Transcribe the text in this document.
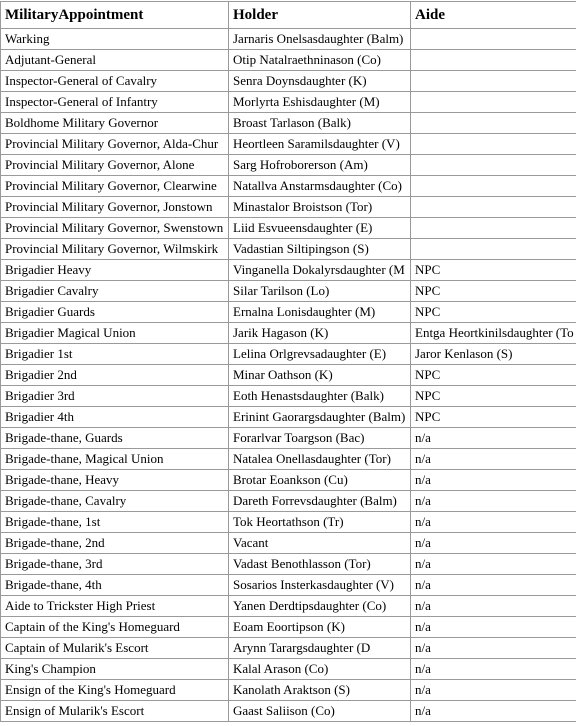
MilitaryAppointment	Holder	Aide
Warking	Jarnaris Onelsasdaughter (Balm)	
Adjutant-General	Otip Natalraethninason (Co)	
Inspector-General of Cavalry	Senra Doynsdaughter (K)	
Inspector-General of Infantry	Morlyrta Eshisdaughter (M)	
Boldhome Military Governor	Broast Tarlason (Balk)	
Provincial Military Governor, Alda-Chur	Heortleen Saramilsdaughter (V)	
Provincial Military Governor, Alone	Sarg Hofroborerson (Am)	
Provincial Military Governor, Clearwine	Natallva Anstarmsdaughter (Co)	
Provincial Military Governor, Jonstown	Minastalor Broistson (Tor)	
Provincial Military Governor, Swenstown	Liid Esvueensdaughter (E)	
Provincial Military Governor, Wilmskirk	Vadastian Siltipingson (S)	
Brigadier Heavy	Vinganella Dokalyrsdaughter (M	NPC
Brigadier Cavalry	Silar Tarilson (Lo)	NPC
Brigadier Guards	Ernalna Lonisdaughter (M)	NPC
Brigadier Magical Union	Jarik Hagason (K)	Entga Heortkinilsdaughter (To
Brigadier 1st	Lelina Orlgrevsadaughter (E)	Jaror Kenlason (S)
Brigadier 2nd	Minar Oathson (K)	NPC
Brigadier 3rd	Eoth Henastsdaughter (Balk)	NPC
Brigadier 4th	Erinint Gaorargsdaughter (Balm)	NPC
Brigade-thane, Guards	Forarlvar Toargson (Bac)	n/a
Brigade-thane, Magical Union	Natalea Onellasdaughter (Tor)	n/a
Brigade-thane, Heavy	Brotar Eoankson (Cu)	n/a
Brigade-thane, Cavalry	Dareth Forrevsdaughter (Balm)	n/a
Brigade-thane, 1st	Tok Heortathson (Tr)	n/a
Brigade-thane, 2nd	Vacant	n/a
Brigade-thane, 3rd	Vadast Benothlasson (Tor)	n/a
Brigade-thane, 4th	Sosarios Insterkasdaughter (V)	n/a
Aide to Trickster High Priest	Yanen Derdtipsdaughter (Co)	n/a
Captain of the King's Homeguard	Eoam Eoortipson (K)	n/a
Captain of Mularik's Escort	Arynn Tarargsdaughter (D	n/a
King's Champion	Kalal Arason (Co)	n/a
Ensign of the King's Homeguard	Kanolath Araktson (S)	n/a
Ensign of Mularik's Escort	Gaast Saliison (Co)	n/a
